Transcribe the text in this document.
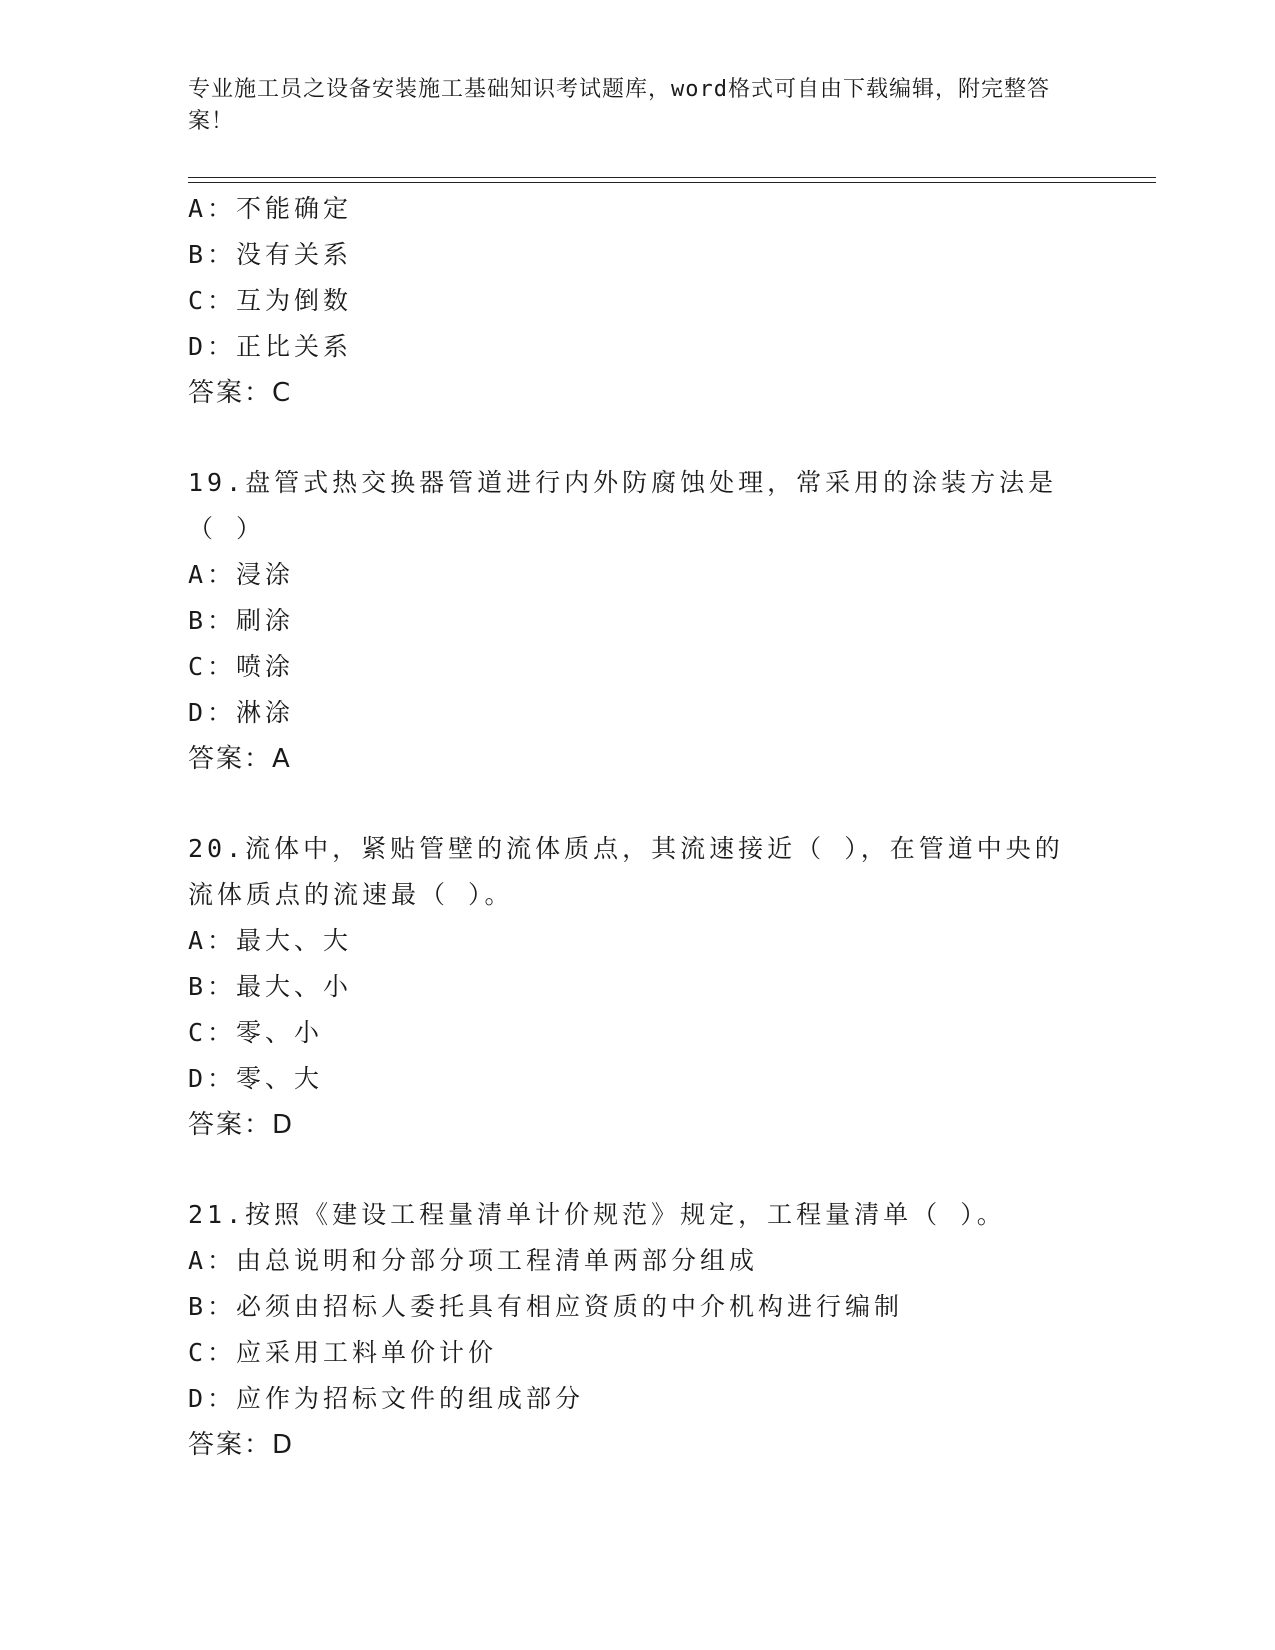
专业施工员之设备安装施工基础知识考试题库，word格式可自由下载编辑，附完整答案！
A：不能确定
B：没有关系
C：互为倒数
D：正比关系
答案：C
19.盘管式热交换器管道进行内外防腐蚀处理，常采用的涂装方法是（ ）
A：浸涂
B：刷涂
C：喷涂
D：淋涂
答案：A
20.流体中，紧贴管壁的流体质点，其流速接近（ ），在管道中央的流体质点的流速最（ ）。
A：最大、大
B：最大、小
C：零、小
D：零、大
答案：D
21.按照《建设工程量清单计价规范》规定，工程量清单（ ）。
A：由总说明和分部分项工程清单两部分组成
B：必须由招标人委托具有相应资质的中介机构进行编制
C：应采用工料单价计价
D：应作为招标文件的组成部分
答案：D
